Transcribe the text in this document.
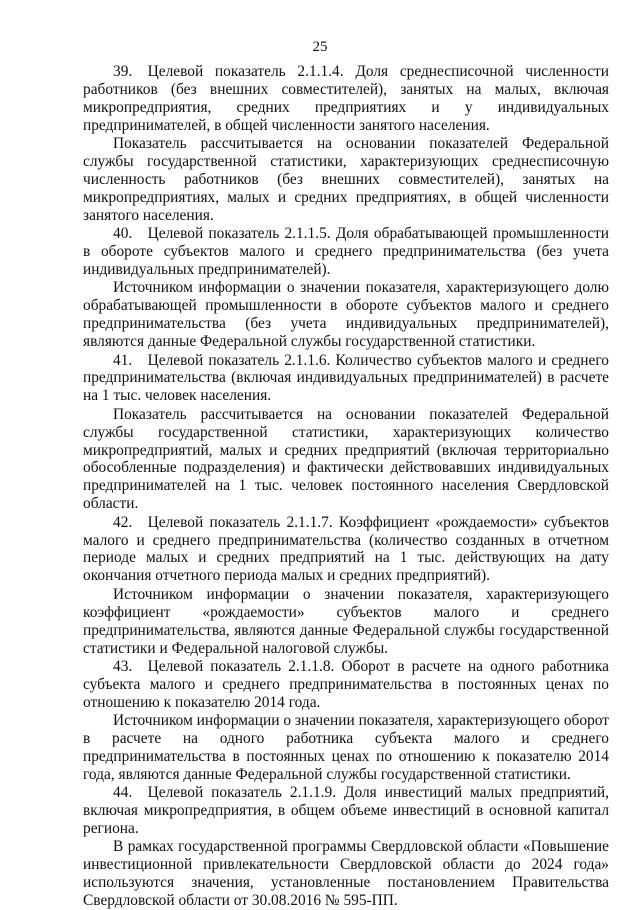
25

39. Целевой показатель 2.1.1.4. Доля среднесписочной численности работников (без внешних совместителей), занятых на малых, включая микропредприятия, средних предприятиях и у индивидуальных предпринимателей, в общей численности занятого населения.

Показатель рассчитывается на основании показателей Федеральной службы государственной статистики, характеризующих среднесписочную численность работников (без внешних совместителей), занятых на микропредприятиях, малых и средних предприятиях, в общей численности занятого населения.

40. Целевой показатель 2.1.1.5. Доля обрабатывающей промышленности в обороте субъектов малого и среднего предпринимательства (без учета индивидуальных предпринимателей).

Источником информации о значении показателя, характеризующего долю обрабатывающей промышленности в обороте субъектов малого и среднего предпринимательства (без учета индивидуальных предпринимателей), являются данные Федеральной службы государственной статистики.

41. Целевой показатель 2.1.1.6. Количество субъектов малого и среднего предпринимательства (включая индивидуальных предпринимателей) в расчете на 1 тыс. человек населения.

Показатель рассчитывается на основании показателей Федеральной службы государственной статистики, характеризующих количество микропредприятий, малых и средних предприятий (включая территориально обособленные подразделения) и фактически действовавших индивидуальных предпринимателей на 1 тыс. человек постоянного населения Свердловской области.

42. Целевой показатель 2.1.1.7. Коэффициент «рождаемости» субъектов малого и среднего предпринимательства (количество созданных в отчетном периоде малых и средних предприятий на 1 тыс. действующих на дату окончания отчетного периода малых и средних предприятий).

Источником информации о значении показателя, характеризующего коэффициент «рождаемости» субъектов малого и среднего предпринимательства, являются данные Федеральной службы государственной статистики и Федеральной налоговой службы.

43. Целевой показатель 2.1.1.8. Оборот в расчете на одного работника субъекта малого и среднего предпринимательства в постоянных ценах по отношению к показателю 2014 года.

Источником информации о значении показателя, характеризующего оборот в расчете на одного работника субъекта малого и среднего предпринимательства в постоянных ценах по отношению к показателю 2014 года, являются данные Федеральной службы государственной статистики.

44. Целевой показатель 2.1.1.9. Доля инвестиций малых предприятий, включая микропредприятия, в общем объеме инвестиций в основной капитал региона.

В рамках государственной программы Свердловской области «Повышение инвестиционной привлекательности Свердловской области до 2024 года» используются значения, установленные постановлением Правительства Свердловской области от 30.08.2016 № 595-ПП.
